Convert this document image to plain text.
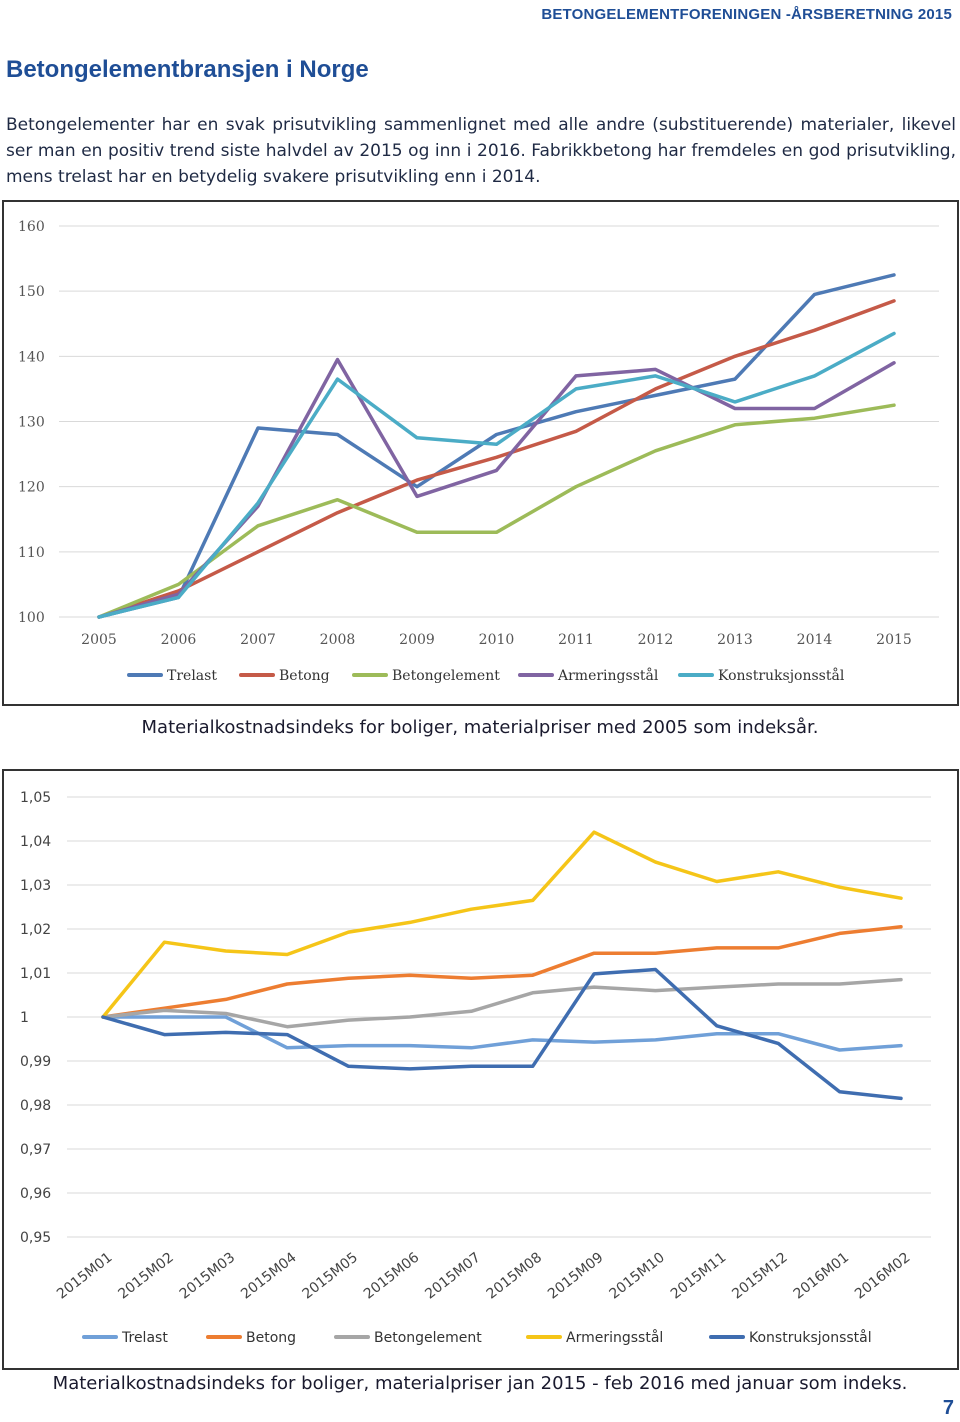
BETONGELEMENTFORENINGEN -ÅRSBERETNING 2015
Betongelementbransjen i Norge

Betongelementer har en svak prisutvikling sammenlignet med alle andre (substituerende) materialer, likevel ser man en positiv trend siste halvdel av 2015 og inn i 2016. Fabrikkbetong har fremdeles en god prisutvikling, mens trelast har en betydelig svakere prisutvikling enn i 2014.

100
110
120
130
140
150
160
2005	2006	2007	2008	2009	2010	2011	2012	2013	2014	2015
Trelast	Betong	Betongelement	Armeringsstål	Konstruksjonsstål

Materialkostnadsindeks for boliger, materialpriser med 2005 som indeksår.

0,95
0,96
0,97
0,98
0,99
1
1,01
1,02
1,03
1,04
1,05
2015M01 2015M02 2015M03 2015M04 2015M05 2015M06 2015M07 2015M08 2015M09 2015M10 2015M11 2015M12 2016M01 2016M02
Trelast	Betong	Betongelement	Armeringsstål	Konstruksjonsstål

Materialkostnadsindeks for boliger, materialpriser jan 2015 - feb 2016 med januar som indeks.

7
